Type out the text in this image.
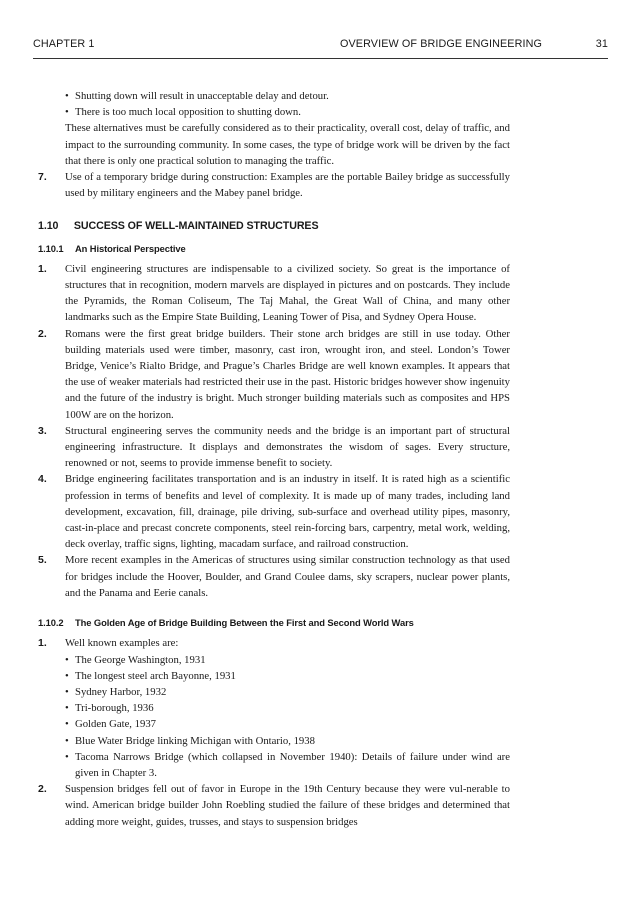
CHAPTER 1	OVERVIEW OF BRIDGE ENGINEERING	31
• Shutting down will result in unacceptable delay and detour.
• There is too much local opposition to shutting down.

These alternatives must be carefully considered as to their practicality, overall cost, delay of traffic, and impact to the surrounding community. In some cases, the type of bridge work will be driven by the fact that there is only one practical solution to managing the traffic.

7.	Use of a temporary bridge during construction: Examples are the portable Bailey bridge as successfully used by military engineers and the Mabey panel bridge.
1.10 SUCCESS OF WELL-MAINTAINED STRUCTURES
1.10.1 An Historical Perspective
1.	Civil engineering structures are indispensable to a civilized society. So great is the importance of structures that in recognition, modern marvels are displayed in pictures and on postcards. They include the Pyramids, the Roman Coliseum, The Taj Mahal, the Great Wall of China, and many other landmarks such as the Empire State Building, Leaning Tower of Pisa, and Sydney Opera House.
2.	Romans were the first great bridge builders. Their stone arch bridges are still in use today. Other building materials used were timber, masonry, cast iron, wrought iron, and steel. London’s Tower Bridge, Venice’s Rialto Bridge, and Prague’s Charles Bridge are well known examples. It appears that the use of weaker materials had restricted their use in the past. Historic bridges however show ingenuity and the future of the industry is bright. Much stronger building materials such as composites and HPS 100W are on the horizon.
3.	Structural engineering serves the community needs and the bridge is an important part of structural engineering infrastructure. It displays and demonstrates the wisdom of sages. Every structure, renowned or not, seems to provide immense benefit to society.
4.	Bridge engineering facilitates transportation and is an industry in itself. It is rated high as a scientific profession in terms of benefits and level of complexity. It is made up of many trades, including land development, excavation, fill, drainage, pile driving, sub-surface and overhead utility pipes, masonry, cast-in-place and precast concrete components, steel rein-forcing bars, carpentry, metal work, welding, deck overlay, traffic signs, lighting, macadam surface, and railroad construction.
5.	More recent examples in the Americas of structures using similar construction technology as that used for bridges include the Hoover, Boulder, and Grand Coulee dams, sky scrapers, nuclear power plants, and the Panama and Eerie canals.
1.10.2 The Golden Age of Bridge Building Between the First and Second World Wars
1.	Well known examples are:
• The George Washington, 1931
• The longest steel arch Bayonne, 1931
• Sydney Harbor, 1932
• Tri-borough, 1936
• Golden Gate, 1937
• Blue Water Bridge linking Michigan with Ontario, 1938
• Tacoma Narrows Bridge (which collapsed in November 1940): Details of failure under wind are given in Chapter 3.
2.	Suspension bridges fell out of favor in Europe in the 19th Century because they were vul-nerable to wind. American bridge builder John Roebling studied the failure of these bridges and determined that adding more weight, guides, trusses, and stays to suspension bridges
